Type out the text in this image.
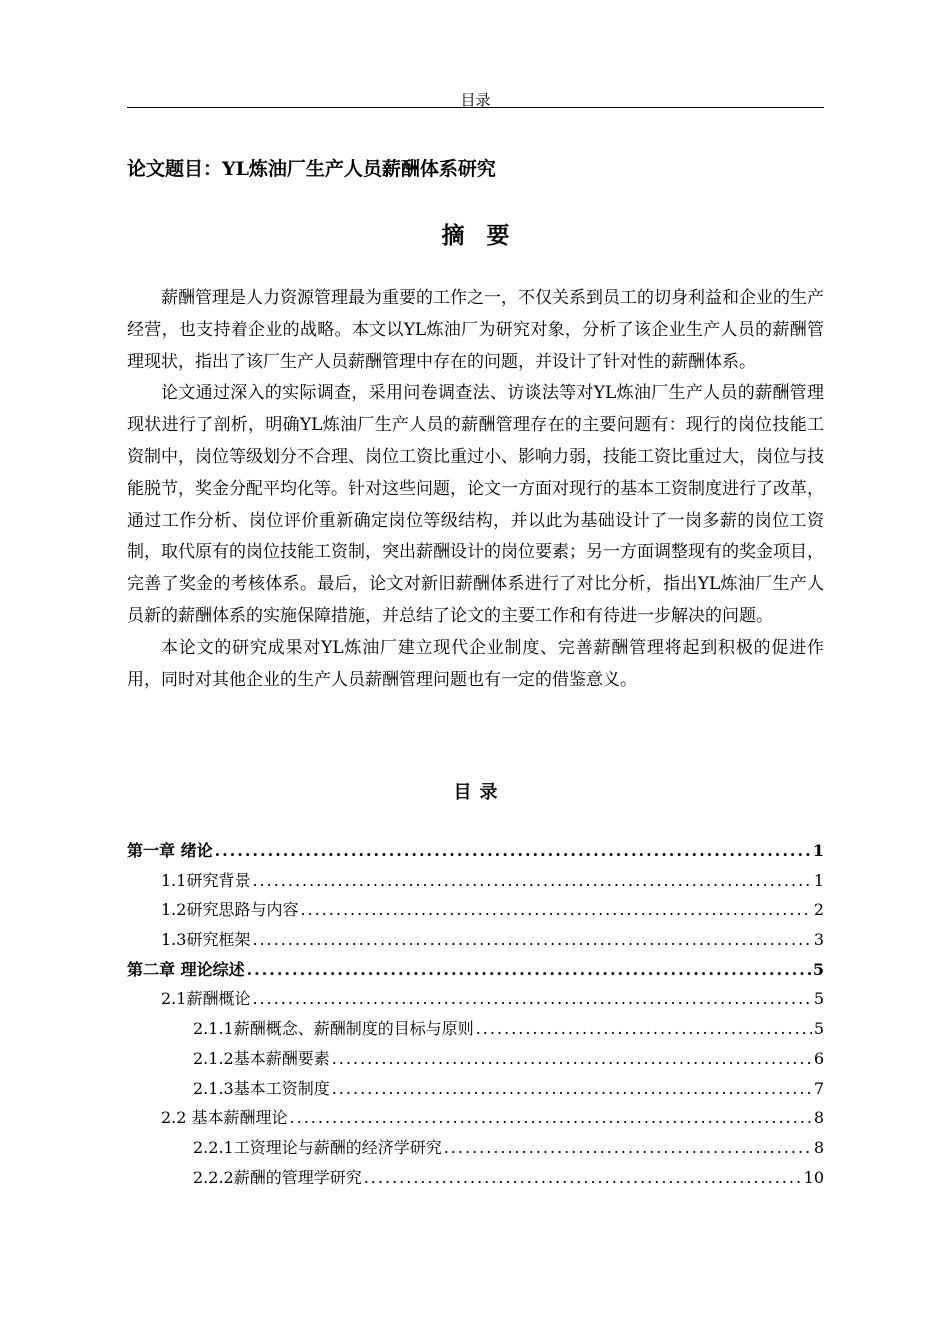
目录
论文题目：YL炼油厂生产人员薪酬体系研究
摘要

薪酬管理是人力资源管理最为重要的工作之一，不仅关系到员工的切身利益和企业的生产经营，也支持着企业的战略。本文以YL炼油厂为研究对象，分析了该企业生产人员的薪酬管理现状，指出了该厂生产人员薪酬管理中存在的问题，并设计了针对性的薪酬体系。

论文通过深入的实际调查，采用问卷调查法、访谈法等对YL炼油厂生产人员的薪酬管理现状进行了剖析，明确YL炼油厂生产人员的薪酬管理存在的主要问题有：现行的岗位技能工资制中，岗位等级划分不合理、岗位工资比重过小、影响力弱，技能工资比重过大，岗位与技能脱节，奖金分配平均化等。针对这些问题，论文一方面对现行的基本工资制度进行了改革，通过工作分析、岗位评价重新确定岗位等级结构，并以此为基础设计了一岗多薪的岗位工资制，取代原有的岗位技能工资制，突出薪酬设计的岗位要素；另一方面调整现有的奖金项目，完善了奖金的考核体系。最后，论文对新旧薪酬体系进行了对比分析，指出YL炼油厂生产人员新的薪酬体系的实施保障措施，并总结了论文的主要工作和有待进一步解决的问题。

本论文的研究成果对YL炼油厂建立现代企业制度、完善薪酬管理将起到积极的促进作用，同时对其他企业的生产人员薪酬管理问题也有一定的借鉴意义。

目录
第一章 绪论 .....	1
1.1研究背景 .....	1
1.2研究思路与内容 .....	2
1.3研究框架 .....	3
第二章 理论综述 .....	5
2.1薪酬概论 .....	5
2.1.1薪酬概念、薪酬制度的目标与原则 .....	5
2.1.2基本薪酬要素 .....	6
2.1.3基本工资制度 .....	7
2.2 基本薪酬理论 .....	8
2.2.1工资理论与薪酬的经济学研究 .....	8
2.2.2薪酬的管理学研究 .....	10
